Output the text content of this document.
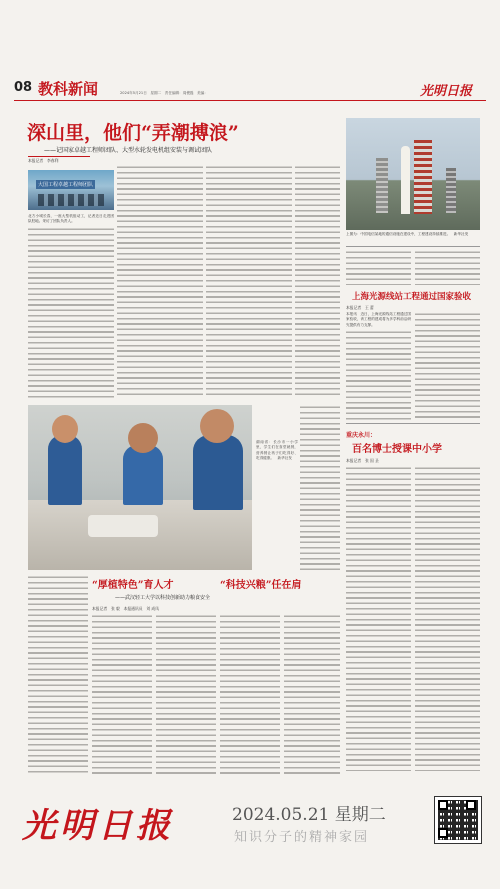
08 教科新闻	2024年5月21日　星期二　责任编辑：周俊磊　美编：	光明日报
深山里，他们“弄潮搏浪”
——记国家卓越工程师团队、大型水轮发电机组安装与调试团队
本报记者　李春利
大国工程卓越工程师团队
北方小城长春，一座大型机组动工，记者近日走进团队驻地。采访了团队负责人。
上图为：中国电信某地的通信设施在建设中，工程建设持续推进。　新华社发
上海光源线站工程通过国家验收
本报记者　王 蕾
本报讯　近日，上海光源线站工程通过国家验收，该工程的建成将为多学科前沿研究提供有力支撑。
重庆永川：
百名博士授课中小学
本报记者　张 国 圣
湖南省：长沙市一小学里，学生们在食堂就餐，营养餐让孩子们吃得好、吃得健康。　新华社发
“厚植特色”育人才	“科技兴粮”任在肩
——武汉轻工大学以科技创新助力粮食安全
本报记者　张 毅　本报通讯员　刘 成凤
光明日报	2024.05.21 星期二
知识分子的精神家园
